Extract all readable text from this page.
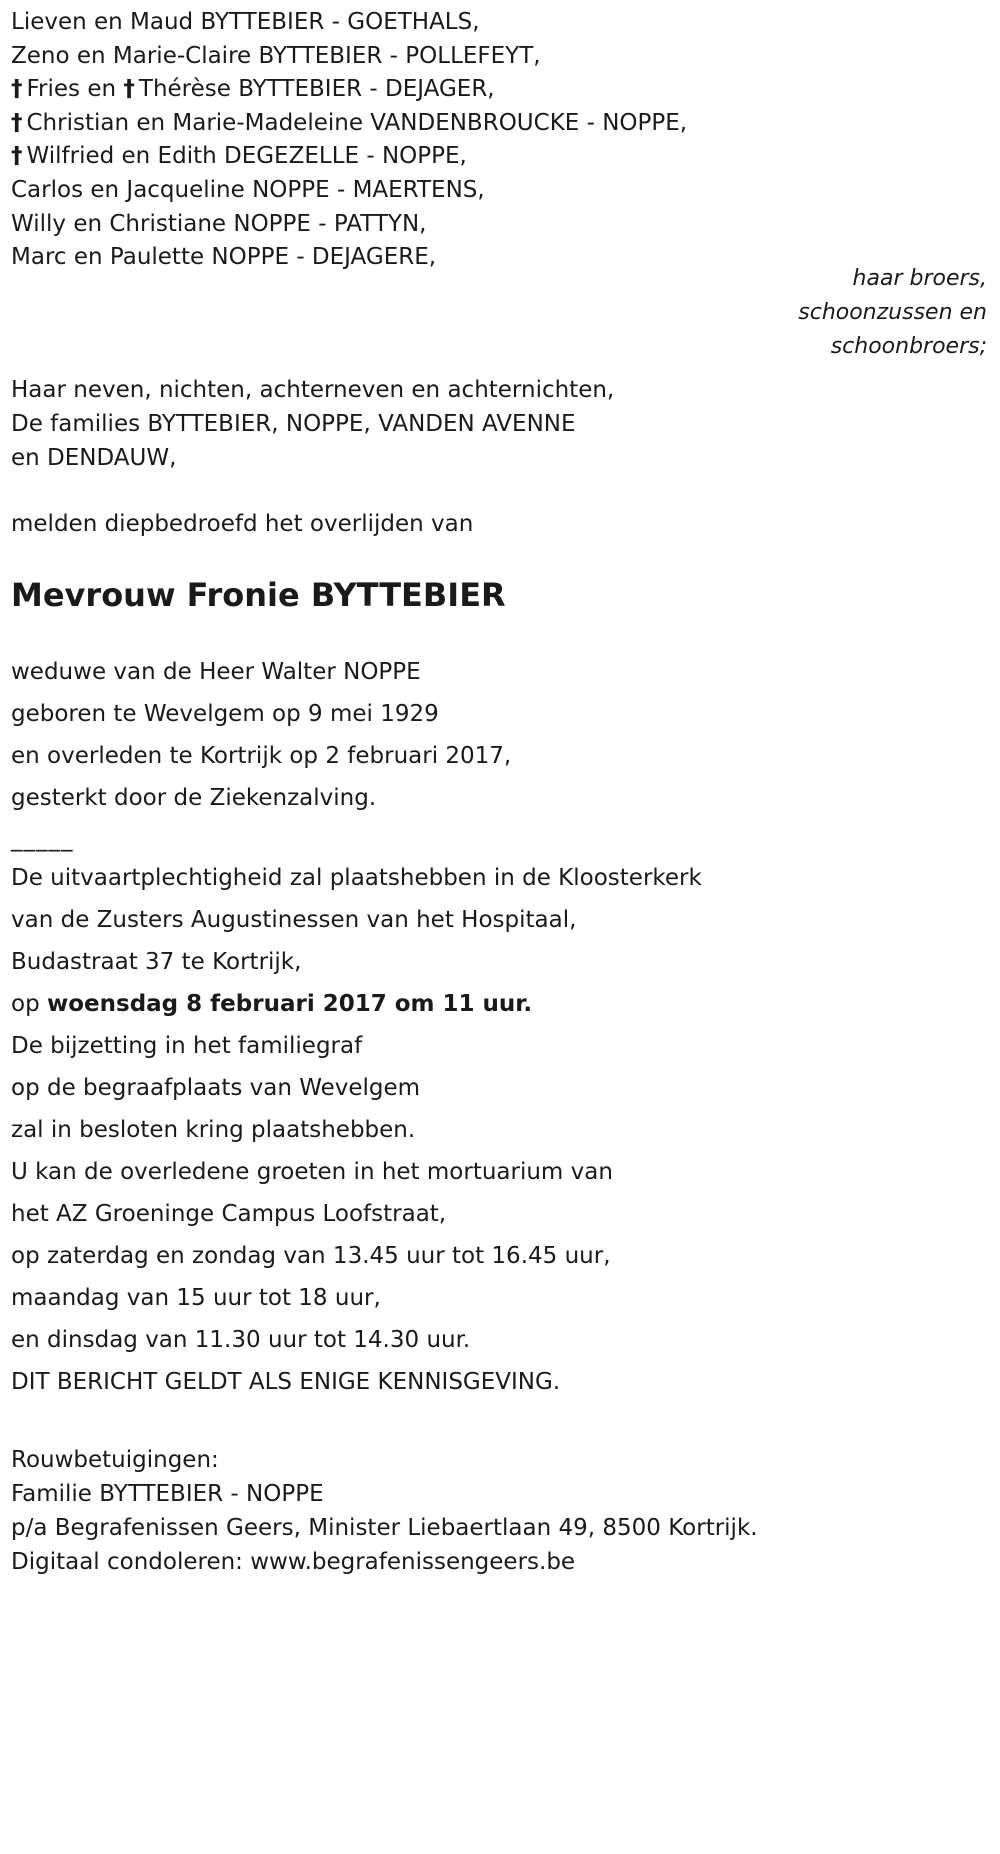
Lieven en Maud BYTTEBIER - GOETHALS,
Zeno en Marie-Claire BYTTEBIER - POLLEFEYT,
† Fries en † Thérèse BYTTEBIER - DEJAGER,
† Christian en Marie-Madeleine VANDENBROUCKE - NOPPE,
† Wilfried en Edith DEGEZELLE - NOPPE,
Carlos en Jacqueline NOPPE - MAERTENS,
Willy en Christiane NOPPE - PATTYN,
Marc en Paulette NOPPE - DEJAGERE,
haar broers,
schoonzussen en
schoonbroers;
Haar neven, nichten, achterneven en achternichten,
De families BYTTEBIER, NOPPE, VANDEN AVENNE
en DENDAUW,
melden diepbedroefd het overlijden van
Mevrouw Fronie BYTTEBIER
weduwe van de Heer Walter NOPPE
geboren te Wevelgem op 9 mei 1929
en overleden te Kortrijk op 2 februari 2017,
gesterkt door de Ziekenzalving.
_____
De uitvaartplechtigheid zal plaatshebben in de Kloosterkerk
van de Zusters Augustinessen van het Hospitaal,
Budastraat 37 te Kortrijk,
op woensdag 8 februari 2017 om 11 uur.
De bijzetting in het familiegraf
op de begraafplaats van Wevelgem
zal in besloten kring plaatshebben.
U kan de overledene groeten in het mortuarium van
het AZ Groeninge Campus Loofstraat,
op zaterdag en zondag van 13.45 uur tot 16.45 uur,
maandag van 15 uur tot 18 uur,
en dinsdag van 11.30 uur tot 14.30 uur.
DIT BERICHT GELDT ALS ENIGE KENNISGEVING.
Rouwbetuigingen:
Familie BYTTEBIER - NOPPE
p/a Begrafenissen Geers, Minister Liebaertlaan 49, 8500 Kortrijk.
Digitaal condoleren: www.begrafenissengeers.be
